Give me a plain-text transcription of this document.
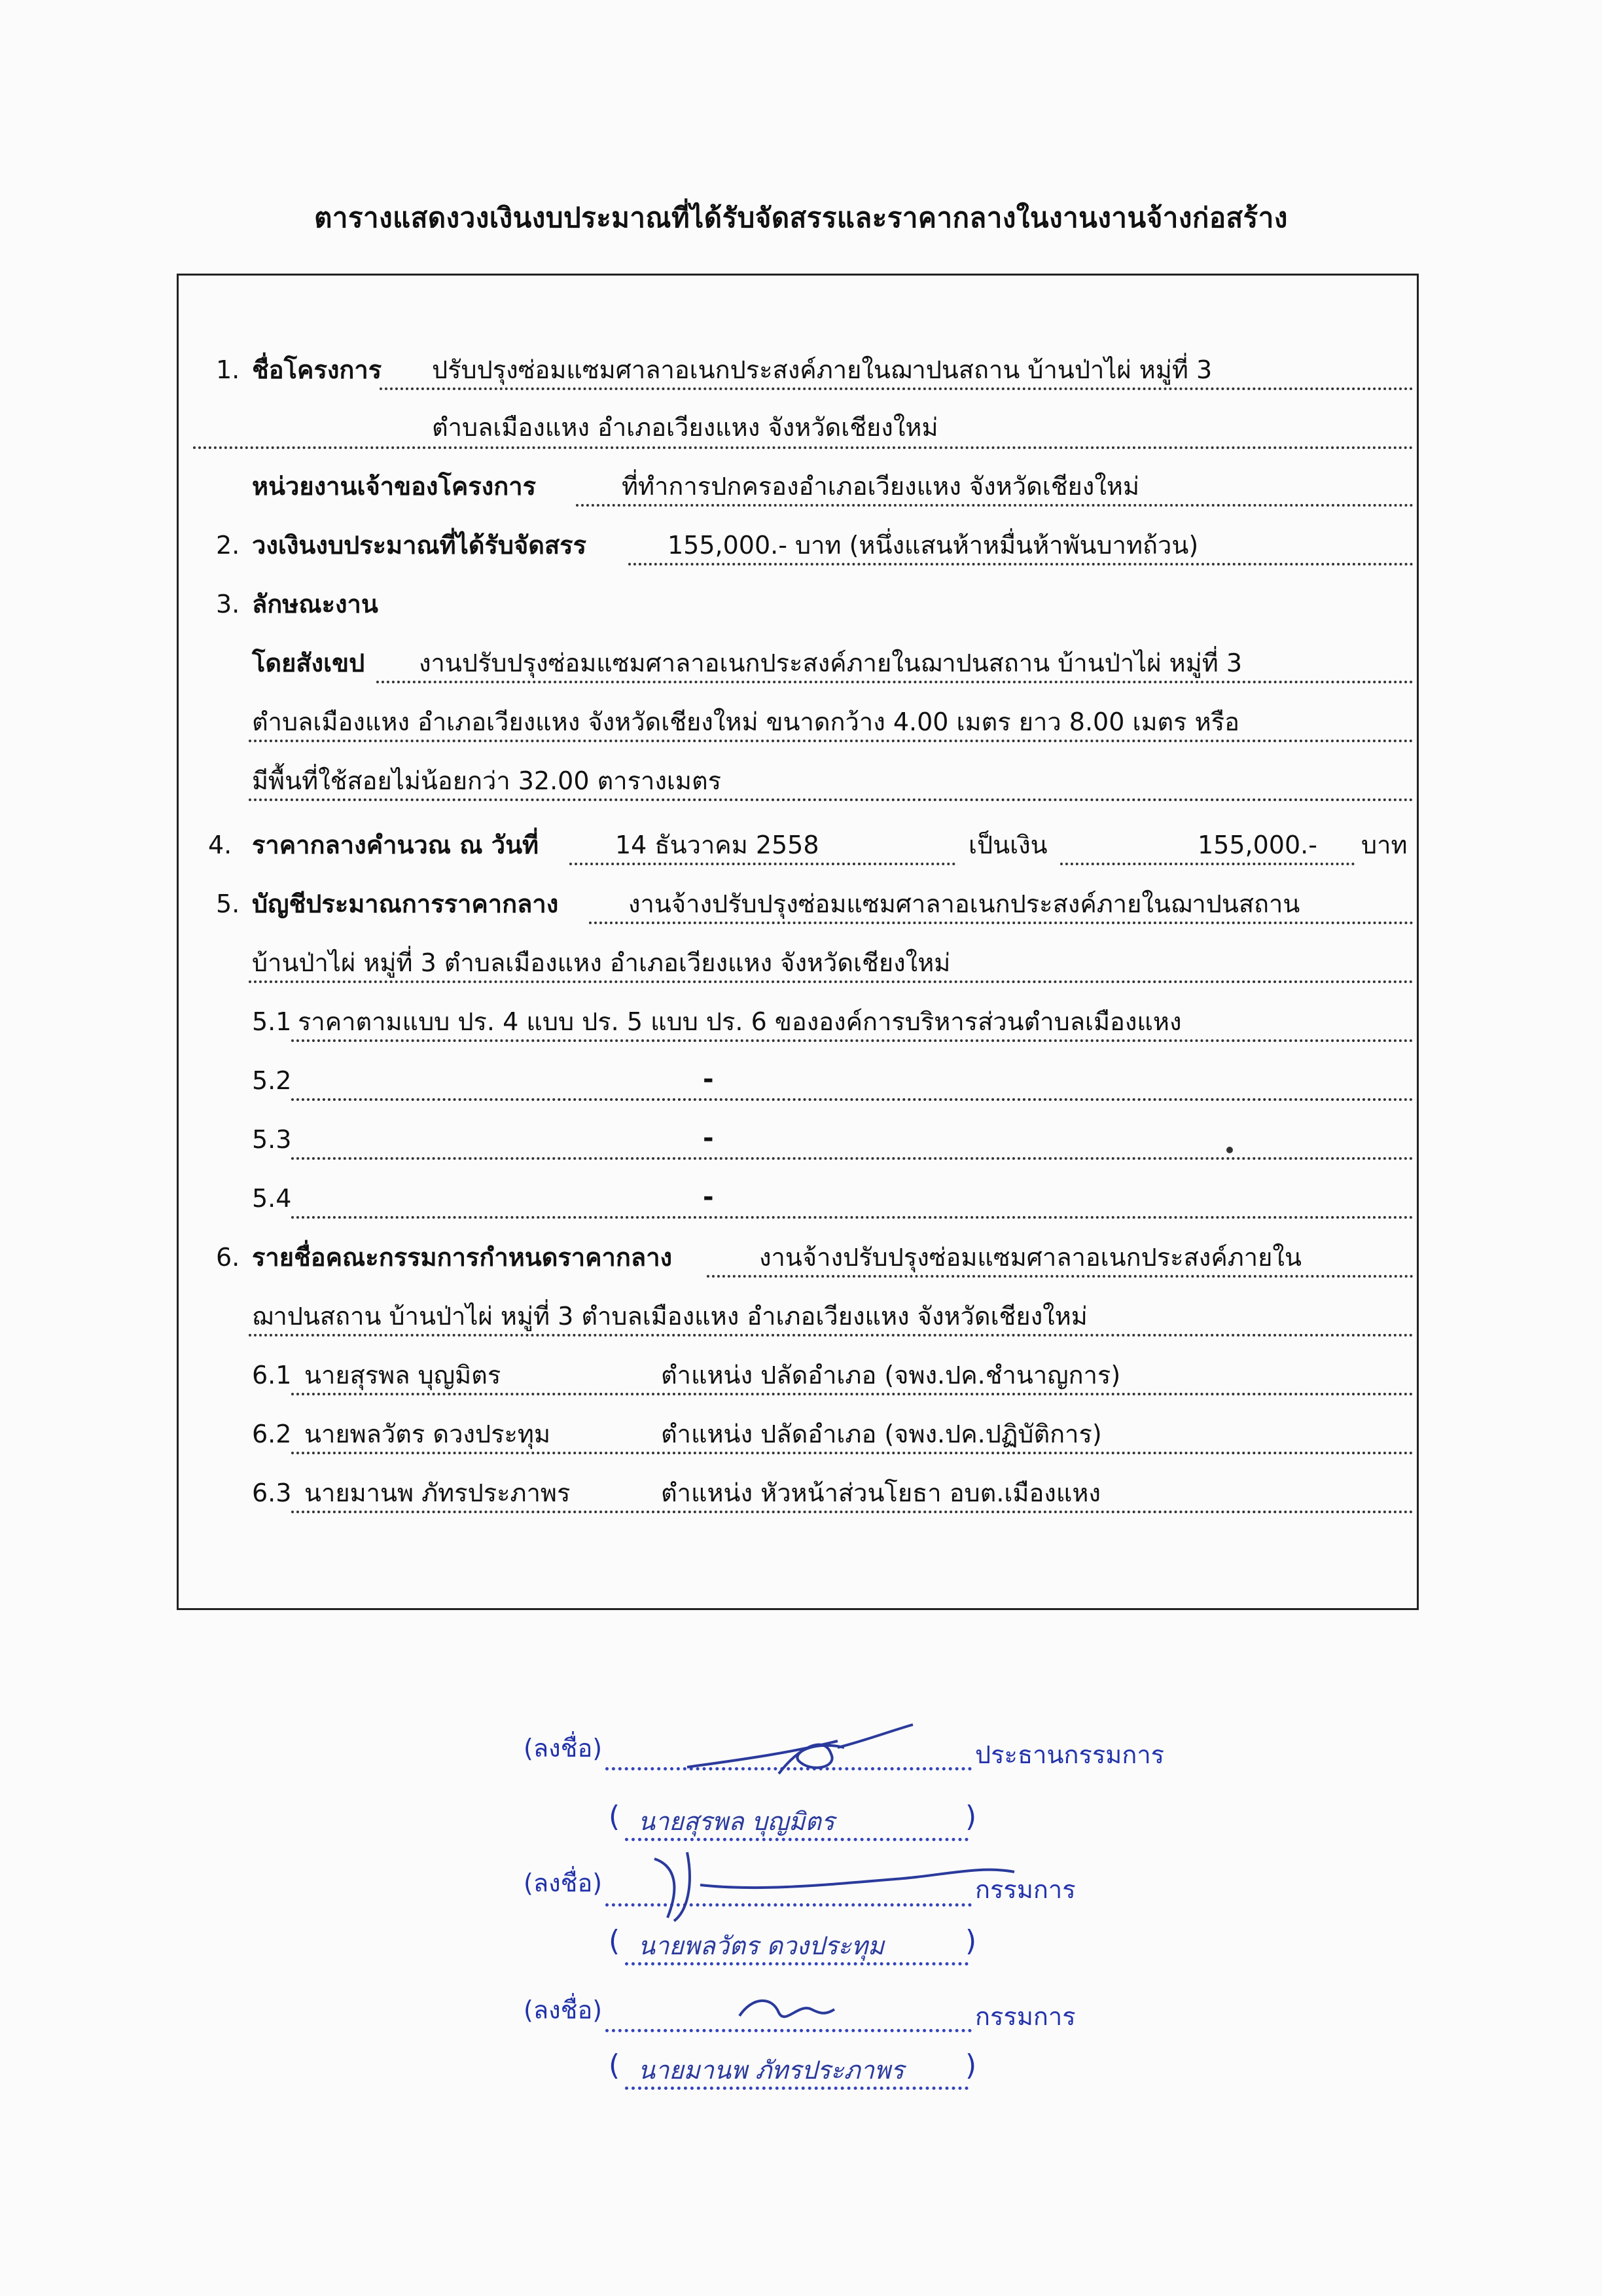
ตารางแสดงวงเงินงบประมาณที่ได้รับจัดสรรและราคากลางในงานงานจ้างก่อสร้าง
1. ชื่อโครงการ ปรับปรุงซ่อมแซมศาลาอเนกประสงค์ภายในฌาปนสถาน บ้านป่าไผ่ หมู่ที่ 3
ตำบลเมืองแหง อำเภอเวียงแหง จังหวัดเชียงใหม่
หน่วยงานเจ้าของโครงการ	ที่ทำการปกครองอำเภอเวียงแหง จังหวัดเชียงใหม่
2. วงเงินงบประมาณที่ได้รับจัดสรร	155,000.- บาท (หนึ่งแสนห้าหมื่นห้าพันบาทถ้วน)
3. ลักษณะงาน
โดยสังเขป งานปรับปรุงซ่อมแซมศาลาอเนกประสงค์ภายในฌาปนสถาน บ้านป่าไผ่ หมู่ที่ 3
ตำบลเมืองแหง อำเภอเวียงแหง จังหวัดเชียงใหม่ ขนาดกว้าง 4.00 เมตร ยาว 8.00 เมตร หรือ
มีพื้นที่ใช้สอยไม่น้อยกว่า 32.00 ตารางเมตร
4. ราคากลางคำนวณ ณ วันที่	14 ธันวาคม 2558	เป็นเงิน	155,000.- บาท
5. บัญชีประมาณการราคากลาง	งานจ้างปรับปรุงซ่อมแซมศาลาอเนกประสงค์ภายในฌาปนสถาน
บ้านป่าไผ่ หมู่ที่ 3 ตำบลเมืองแหง อำเภอเวียงแหง จังหวัดเชียงใหม่
5.1 ราคาตามแบบ ปร. 4 แบบ ปร. 5 แบบ ปร. 6 ขององค์การบริหารส่วนตำบลเมืองแหง
5.2	-
5.3	-
5.4	-
6. รายชื่อคณะกรรมการกำหนดราคากลาง	งานจ้างปรับปรุงซ่อมแซมศาลาอเนกประสงค์ภายใน
ฌาปนสถาน บ้านป่าไผ่ หมู่ที่ 3 ตำบลเมืองแหง อำเภอเวียงแหง จังหวัดเชียงใหม่
6.1 นายสุรพล บุญมิตร	ตำแหน่ง ปลัดอำเภอ (จพง.ปค.ชำนาญการ)
6.2 นายพลวัตร ดวงประทุม	ตำแหน่ง ปลัดอำเภอ (จพง.ปค.ปฏิบัติการ)
6.3 นายมานพ ภัทรประภาพร	ตำแหน่ง หัวหน้าส่วนโยธา อบต.เมืองแหง
(ลงชื่อ)	ประธานกรรมการ
( นายสุรพล บุญมิตร	)
(ลงชื่อ)	กรรมการ
( นายพลวัตร ดวงประทุม	)
(ลงชื่อ)	กรรมการ
( นายมานพ ภัทรประภาพร )
